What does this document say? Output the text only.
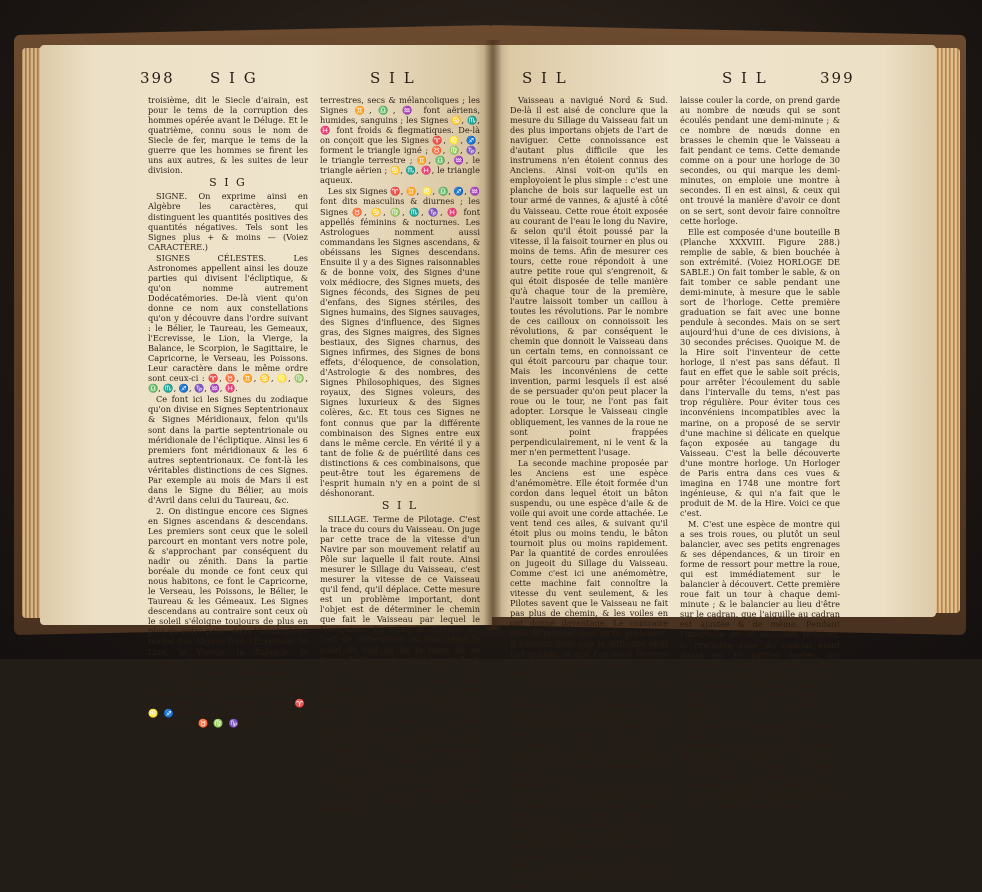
398 S I G	S I L

troisième, dit le Siecle d'airain, est pour le tems de la corruption des hommes opérée avant le Déluge. Et le quatrième, connu sous le nom de Siecle de fer, marque le tems de la guerre que les hommes se firent les uns aux autres, & les suites de leur division.

S I G

SIGNE. On exprime ainsi en Algèbre les caractères, qui distinguent les quantités positives des quantités négatives. Tels sont les Signes plus + & moins — (Voiez CARACTÈRE.)

SIGNES CÉLESTES. Les Astronomes appellent ainsi les douze parties qui divisent l'écliptique, & qu'on nomme autrement Dodécatémories. De-là vient qu'on donne ce nom aux constellations qu'on y découvre dans l'ordre suivant : le Bélier, le Taureau, les Gemeaux, l'Ecrevisse, le Lion, la Vierge, la Balance, le Scorpion, le Sagittaire, le Capricorne, le Verseau, les Poissons. Leur caractère dans le même ordre sont ceux-ci : ♈, ♉, ♊, ♋, ♌, ♍, ♎, ♏, ♐, ♑, ♒, ♓.

Ce font ici les Signes du zodiaque qu'on divise en Signes Septentrionaux & Signes Méridionaux, felon qu'ils sont dans la partie septentrionale ou méridionale de l'écliptique. Ainsi les 6 premiers font méridionaux & les 6 autres septentrionaux. Ce font-là les véritables distinctions de ces Signes. Par exemple au mois de Mars il est dans le Signe du Bélier, au mois d'Avril dans celui du Taureau, &c.

2. On distingue encore ces Signes en Signes ascendans & descendans. Les premiers sont ceux que le soleil parcourt en montant vers notre pole, & s'approchant par conséquent du nadir ou zénith. Dans la partie boréale du monde ce font ceux qui nous habitons, ce font le Capricorne, le Verseau, les Poissons, le Bélier, le Taureau & les Gémeaux. Les Signes descendans au contraire sont ceux où le soleil s'éloigne toujours de plus en plus de notre pole : dans l'hémisphère boréal ces Signes font l'Ecrevisse, le Lion, la Vierge, la Balance, le Scorpion, le Sagittaire, & les autres.

SIGNES. Terme d'Astrologie. Ce font les Signes du zodiaque, qui, moiennant une épithète ont une vertu particulière. Et d'abord les Signes ♈, ♌, ♐ font ignés, chauds & colériques ; les Signes ♉, ♍, ♑ sont

terrestres, secs & mélancoliques ; les Signes ♊, ♎, ♒ font aëriens, humides, sanguins ; les Signes ♋, ♏, ♓ font froids & flegmatiques. De-là on conçoit que les Signes ♈, ♌, ♐, forment le triangle igné ; ♉, ♍, ♑, le triangle terrestre ; ♊, ♎, ♒, le triangle aërien ; ♋, ♏, ♓, le triangle aqueux.

Les six Signes ♈, ♊, ♌, ♎, ♐, ♒ font dits masculins & diurnes ; les Signes ♉, ♋, ♍, ♏, ♑, ♓ font appellés féminins & nocturnes. Les Astrologues nomment aussi commandans les Signes ascendans, & obéissans les Signes descendans. Ensuite il y a des Signes raisonnables & de bonne voix, des Signes d'une voix médiocre, des Signes muets, des Signes féconds, des Signes de peu d'enfans, des Signes stériles, des Signes humains, des Signes sauvages, des Signes d'influence, des Signes gras, des Signes maigres, des Signes bestiaux, des Signes charnus, des Signes infirmes, des Signes de bons effets, d'éloquence, de consolation, d'Astrologie & des nombres, des Signes Philosophiques, des Signes royaux, des Signes voleurs, des Signes luxurieux & des Signes colères, &c. Et tous ces Signes ne font connus que par la différente combinaison des Signes entre eux dans le même cercle. En vérité il y a tant de folie & de puérilité dans ces distinctions & ces combinaisons, que peut-être tout les égaremens de l'esprit humain n'y en a point de si déshonorant.

S I L

SILLAGE. Terme de Pilotage. C'est la trace du cours du Vaisseau. On juge par cette trace de la vitesse d'un Navire par son mouvement relatif au Pôle sur laquelle il fait route. Ainsi mesurer le Sillage du Vaisseau, c'est mesurer la vitesse de ce Vaisseau qu'il fend, qu'il déplace. Cette mesure est un problème important, dont l'objet est de déterminer le chemin que fait le Vaisseau par lequel le Navigateur. En effet, le Pilotage est l'art de déterminer en tout tems le point du ciel ou de la terre où se trouve le Vaisseau, par la longitude & la latitude du lieu où il se trouve. (Voiez PILOTAGE.) Pour cela, il faut observer la distance qu'il y a entre deux points, & pour cela deux choses sont à observer : c'est la latitude, c'est-à-dire la longueur du chemin que fait le Vaisseau, ce qu'on a par une connoissance suffisante de l'art du Pilotage ; on a recours à la mesure du Sillage, pour savoir la route que fait le Vaisseau en ce tems. On connoît aussi ce que fait le Vaisseau, & le Vaisseau a fait route Est-Ouest ou faisant une direction oblique de la latitude, &c.

S I L	S I L	399

Vaisseau a navigué Nord & Sud. De-là il est aisé de conclure que la mesure du Sillage du Vaisseau fait un des plus importans objets de l'art de naviguer. Cette connoissance est d'autant plus difficile que les instrumens n'en étoient connus des Anciens. Ainsi voit-on qu'ils en employoient le plus simple : c'est une planche de bois sur laquelle est un tour armé de vannes, & ajusté à côté du Vaisseau. Cette roue étoit exposée au courant de l'eau le long du Navire, & selon qu'il étoit poussé par la vitesse, il la faisoit tourner en plus ou moins de tems. Afin de mesurer ces tours, cette roue répondoit à une autre petite roue qui s'engrenoit, & qui étoit disposée de telle manière qu'à chaque tour de la première, l'autre laissoit tomber un caillou à toutes les révolutions. Par le nombre de ces cailloux on connoissoit les révolutions, & par conséquent le chemin que donnoit le Vaisseau dans un certain tems, en connoissant ce qui étoit parcouru par chaque tour. Mais les inconvéniens de cette invention, parmi lesquels il est aisé de se persuader qu'on peut placer la roue ou le tour, ne l'ont pas fait adopter. Lorsque le Vaisseau cingle obliquement, les vannes de la roue ne sont point frappées perpendiculairement, ni le vent & la mer n'en permettent l'usage.

La seconde machine proposée par les Anciens est une espèce d'anémomètre. Elle étoit formée d'un cordon dans lequel étoit un bâton suspendu, ou une espèce d'aile & de voile qui avoit une corde attachée. Le vent tend ces ailes, & suivant qu'il étoit plus ou moins tendu, le bâton tournoit plus ou moins rapidement. Par la quantité de cordes enroulées on jugeoit du Sillage du Vaisseau. Comme c'est ici une anémomètre, cette machine fait connoître la vitesse du vent seulement, & les Pilotes savent que le Vaisseau ne fait pas plus de chemin, & les voiles en ont donné davantage. Le contraire étoit le premier soin qu'ils prenoient. Il s'ensuit donc que la difficulté étoit fort grande, & que l'on avoit recours à ces inventions. (Voiez l'article MANOEUVRE.)

2. Après ces inventions on a fait usage du loch, qui, selon le P. Fournier, est le plus commode. On le nomme ainsi, en Angleterre, où il est né. (Hydrographie du P. Fournier, Liv. XVII. §. 1.) C'est une petite planche de bois qu'on jette en mer de la poupe du Vaisseau. Elle est attachée à une ligne divisée par des nœuds de vingt ou cinq brasses qui sont sur un moulinet. Cette ligne ou corde est fort longue, & s'étend en mer. Le loch est retenu par la ligne ; mais à mesure que le Vaisseau avance, la corde file, & la longueur de celle qui s'est dévidée fait connoître le chemin qu'a fait le Vaisseau. Lorsque le loch est jetté, on le laisse filer, & la corde filant à mesure qu'on s'éloigne, on compte les nœuds qui ont passé au dehors.

laisse couler la corde, on prend garde au nombre de nœuds qui se sont écoulés pendant une demi-minute ; & ce nombre de nœuds donne en brasses le chemin que le Vaisseau a fait pendant ce tems. Cette demande comme on a pour une horloge de 30 secondes, ou qui marque les demi-minutes, on emploie une montre à secondes. Il en est ainsi, & ceux qui ont trouvé la manière d'avoir ce dont on se sert, sont devoir faire connoître cette horloge.

Elle est composée d'une bouteille B (Planche XXXVIII. Figure 288.) remplie de sable, & bien bouchée à son extrémité. (Voiez HORLOGE DE SABLE.) On fait tomber le sable, & on fait tomber ce sable pendant une demi-minute, à mesure que le sable sort de l'horloge. Cette première graduation se fait avec une bonne pendule à secondes. Mais on se sert aujourd'hui d'une de ces divisions, à 30 secondes précises. Quoique M. de la Hire soit l'inventeur de cette horloge, il n'est pas sans défaut. Il faut en effet que le sable soit précis, pour arrêter l'écoulement du sable dans l'intervalle du tems, n'est pas trop régulière. Pour éviter tous ces inconvéniens incompatibles avec la marine, on a proposé de se servir d'une machine si délicate en quelque façon exposée au tangage du Vaisseau. C'est la belle découverte d'une montre horloge. Un Horloger de Paris entra dans ces vues & imagina en 1748 une montre fort ingénieuse, & qui n'a fait que le produit de M. de la Hire. Voici ce que c'est.

M. C'est une espèce de montre qui a ses trois roues, ou plutôt un seul balancier, avec ses petits engrenages & ses dépendances, & un tiroir en forme de ressort pour mettre la roue, qui est immédiatement sur le balancier à découvert. Cette première roue fait un tour à chaque demi-minute ; & le balancier au lieu d'être sur le cadran, que l'aiguille au cadran est ajustée & de même. Pendant l'intervalle de 30 secondes précises, la première roue du cadran étant divisé en 30 parties égales, qui marquent autant de vibrations qu'en fait la roue. Ainsi chaque vibration est une seconde. Chaque partie est divisée en 30 parties égales, qui chacune sont de secondes ou vibrations.

La première roue porte un chaperon d'une pièce qui l'arrête. Il y a pratiquée une entaille à un endroit déterminé, sur laquelle se rend une petite bride & un ressort, qui arrête le mouvement de la roue en son lieu, le ressort finissant de détente jusqu'à ce que la détente se rencontre avec la roue, & arrête le mouvement.
